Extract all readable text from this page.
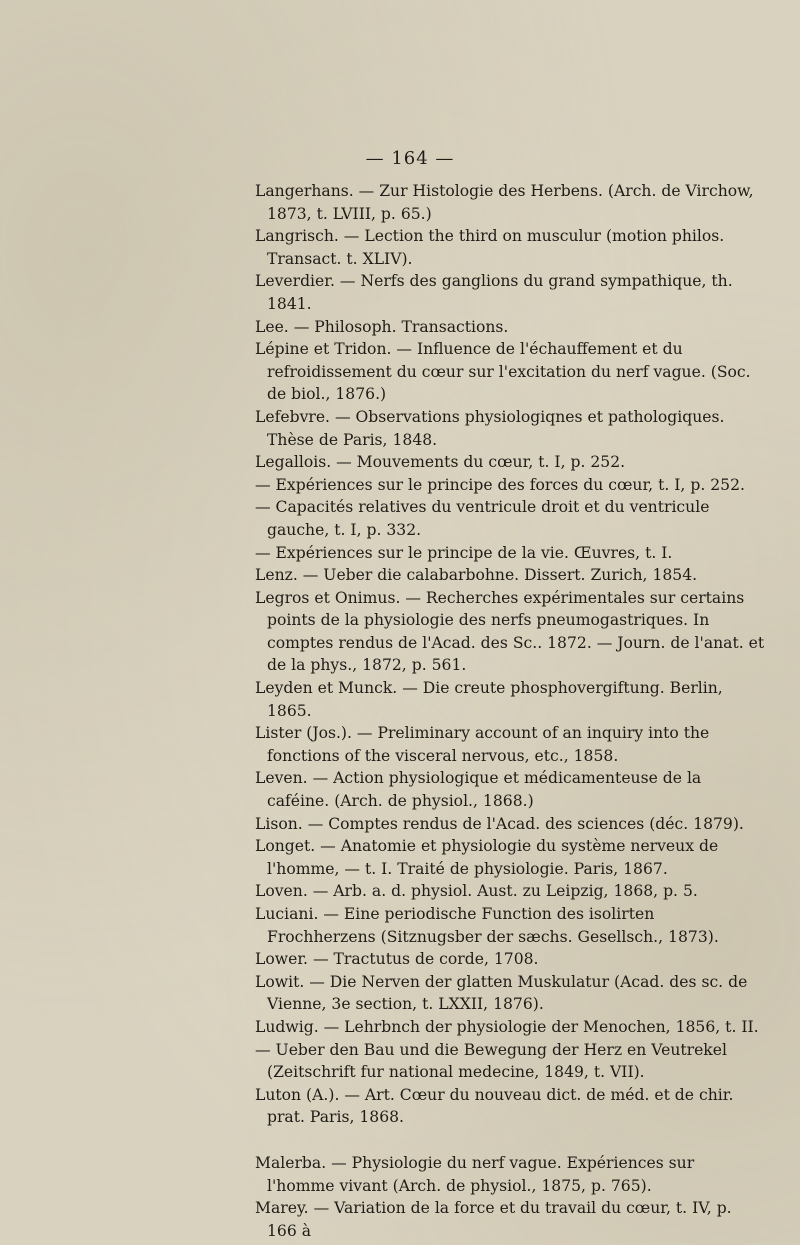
— 164 —

Langerhans. — Zur Histologie des Herbens. (Arch. de Virchow, 1873, t. LVIII, p. 65.)

Langrisch. — Lection the third on musculur (motion philos. Transact. t. XLIV).

Leverdier. — Nerfs des ganglions du grand sympathique, th. 1841.

Lee. — Philosoph. Transactions.

Lépine et Tridon. — Influence de l'échauffement et du refroidissement du cœur sur l'excitation du nerf vague. (Soc. de biol., 1876.)

Lefebvre. — Observations physiologiqnes et pathologiques. Thèse de Paris, 1848.

Legallois. — Mouvements du cœur, t. I, p. 252.

— Expériences sur le principe des forces du cœur, t. I, p. 252.

— Capacités relatives du ventricule droit et du ventricule gauche, t. I, p. 332.

— Expériences sur le principe de la vie. Œuvres, t. I.

Lenz. — Ueber die calabarbohne. Dissert. Zurich, 1854.

Legros et Onimus. — Recherches expérimentales sur certains points de la physiologie des nerfs pneumogastriques. In comptes rendus de l'Acad. des Sc.. 1872. — Journ. de l'anat. et de la phys., 1872, p. 561.

Leyden et Munck. — Die creute phosphovergiftung. Berlin, 1865.

Lister (Jos.). — Preliminary account of an inquiry into the fonctions of the visceral nervous, etc., 1858.

Leven. — Action physiologique et médicamenteuse de la caféine. (Arch. de physiol., 1868.)

Lison. — Comptes rendus de l'Acad. des sciences (déc. 1879).

Longet. — Anatomie et physiologie du système nerveux de l'homme, — t. I. Traité de physiologie. Paris, 1867.

Loven. — Arb. a. d. physiol. Aust. zu Leipzig, 1868, p. 5.

Luciani. — Eine periodische Function des isolirten Frochherzens (Sitznugsber der sæchs. Gesellsch., 1873).

Lower. — Tractutus de corde, 1708.

Lowit. — Die Nerven der glatten Muskulatur (Acad. des sc. de Vienne, 3e section, t. LXXII, 1876).

Ludwig. — Lehrbnch der physiologie der Menochen, 1856, t. II.

— Ueber den Bau und die Bewegung der Herz en Veutrekel (Zeitschrift fur national medecine, 1849, t. VII).

Luton (A.). — Art. Cœur du nouveau dict. de méd. et de chir. prat. Paris, 1868.

Malerba. — Physiologie du nerf vague. Expériences sur l'homme vivant (Arch. de physiol., 1875, p. 765).

Marey. — Variation de la force et du travail du cœur, t. IV, p. 166 à
